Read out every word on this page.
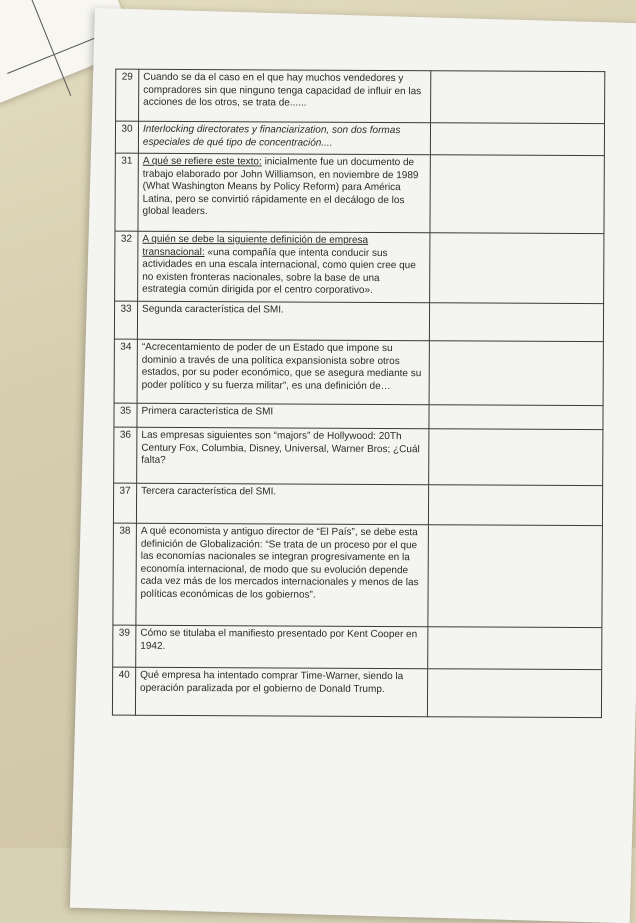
29	Cuando se da el caso en el que hay muchos vendedores y compradores sin que ninguno tenga capacidad de influir en las acciones de los otros, se trata de......	
30	Interlocking directorates y financiarization, son dos formas especiales de qué tipo de concentración....	
31	A qué se refiere este texto: inicialmente fue un documento de trabajo elaborado por John Williamson, en noviembre de 1989 (What Washington Means by Policy Reform) para América Latina, pero se convirtió rápidamente en el decálogo de los global leaders.	
32	A quién se debe la siguiente definición de empresa transnacional: «una compañía que intenta conducir sus actividades en una escala internacional, como quien cree que no existen fronteras nacionales, sobre la base de una estrategia común dirigida por el centro corporativo».	
33	Segunda característica del SMI.	
34	“Acrecentamiento de poder de un Estado que impone su dominio a través de una política expansionista sobre otros estados, por su poder económico, que se asegura mediante su poder político y su fuerza militar”, es una definición de…	
35	Primera característica de SMI	
36	Las empresas siguientes son “majors” de Hollywood: 20Th Century Fox, Columbia, Disney, Universal, Warner Bros; ¿Cuál falta?	
37	Tercera característica del SMI.	
38	A qué economista y antiguo director de “El País”, se debe esta definición de Globalización: “Se trata de un proceso por el que las economías nacionales se integran progresivamente en la economía internacional, de modo que su evolución depende cada vez más de los mercados internacionales y menos de las políticas económicas de los gobiernos”.	
39	Cómo se titulaba el manifiesto presentado por Kent Cooper en 1942.	
40	Qué empresa ha intentado comprar Time-Warner, siendo la operación paralizada por el gobierno de Donald Trump.	
